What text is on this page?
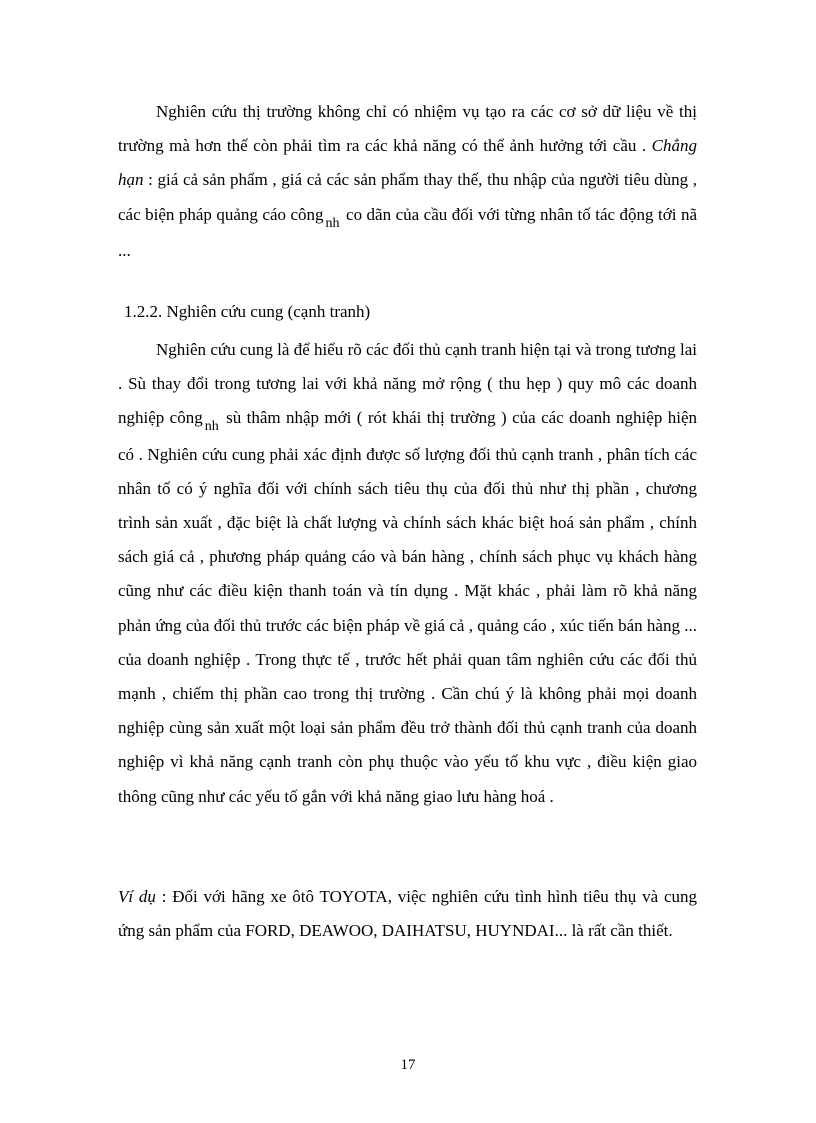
Nghiên cứu thị trường không chỉ có nhiệm vụ tạo ra các cơ sở dữ liệu về thị trường mà hơn thế còn phải tìm ra các khả năng có thể ảnh hưởng tới cầu . Chẳng hạn : giá cả sản phẩm , giá cả các sản phẩm thay thế, thu nhập của người tiêu dùng , các biện pháp quảng cáo công $_{nh}$ co dãn của cầu đối với từng nhân tố tác động tới nã ...

1.2.2. Nghiên cứu cung (cạnh tranh)

Nghiên cứu cung là để hiểu rõ các đối thủ cạnh tranh hiện tại và trong tương lai . Sù thay đổi trong tương lai với khả năng mở rộng ( thu hẹp ) quy mô các doanh nghiệp công $_{nh}$ sù thâm nhập mới ( rót khái thị trường ) của các doanh nghiệp hiện có . Nghiên cứu cung phải xác định được số lượng đối thủ cạnh tranh , phân tích các nhân tố có ý nghĩa đối với chính sách tiêu thụ của đối thủ như thị phần , chương trình sản xuất , đặc biệt là chất lượng và chính sách khác biệt hoá sản phẩm , chính sách giá cả , phương pháp quảng cáo và bán hàng , chính sách phục vụ khách hàng cũng như các điều kiện thanh toán và tín dụng . Mặt khác , phải làm rõ khả năng phản ứng của đối thủ trước các biện pháp về giá cả , quảng cáo , xúc tiến bán hàng ... của doanh nghiệp . Trong thực tế , trước hết phải quan tâm nghiên cứu các đối thủ mạnh , chiếm thị phần cao trong thị trường . Cần chú ý là không phải mọi doanh nghiệp cùng sản xuất một loại sản phẩm đều trở thành đối thủ cạnh tranh của doanh nghiệp vì khả năng cạnh tranh còn phụ thuộc vào yếu tố khu vực , điều kiện giao thông cũng như các yếu tố gắn với khả năng giao lưu hàng hoá .

Ví dụ : Đối với hãng xe ôtô TOYOTA, việc nghiên cứu tình hình tiêu thụ và cung ứng sản phẩm của FORD, DEAWOO, DAIHATSU, HUYNDAI... là rất cần thiết.

17
